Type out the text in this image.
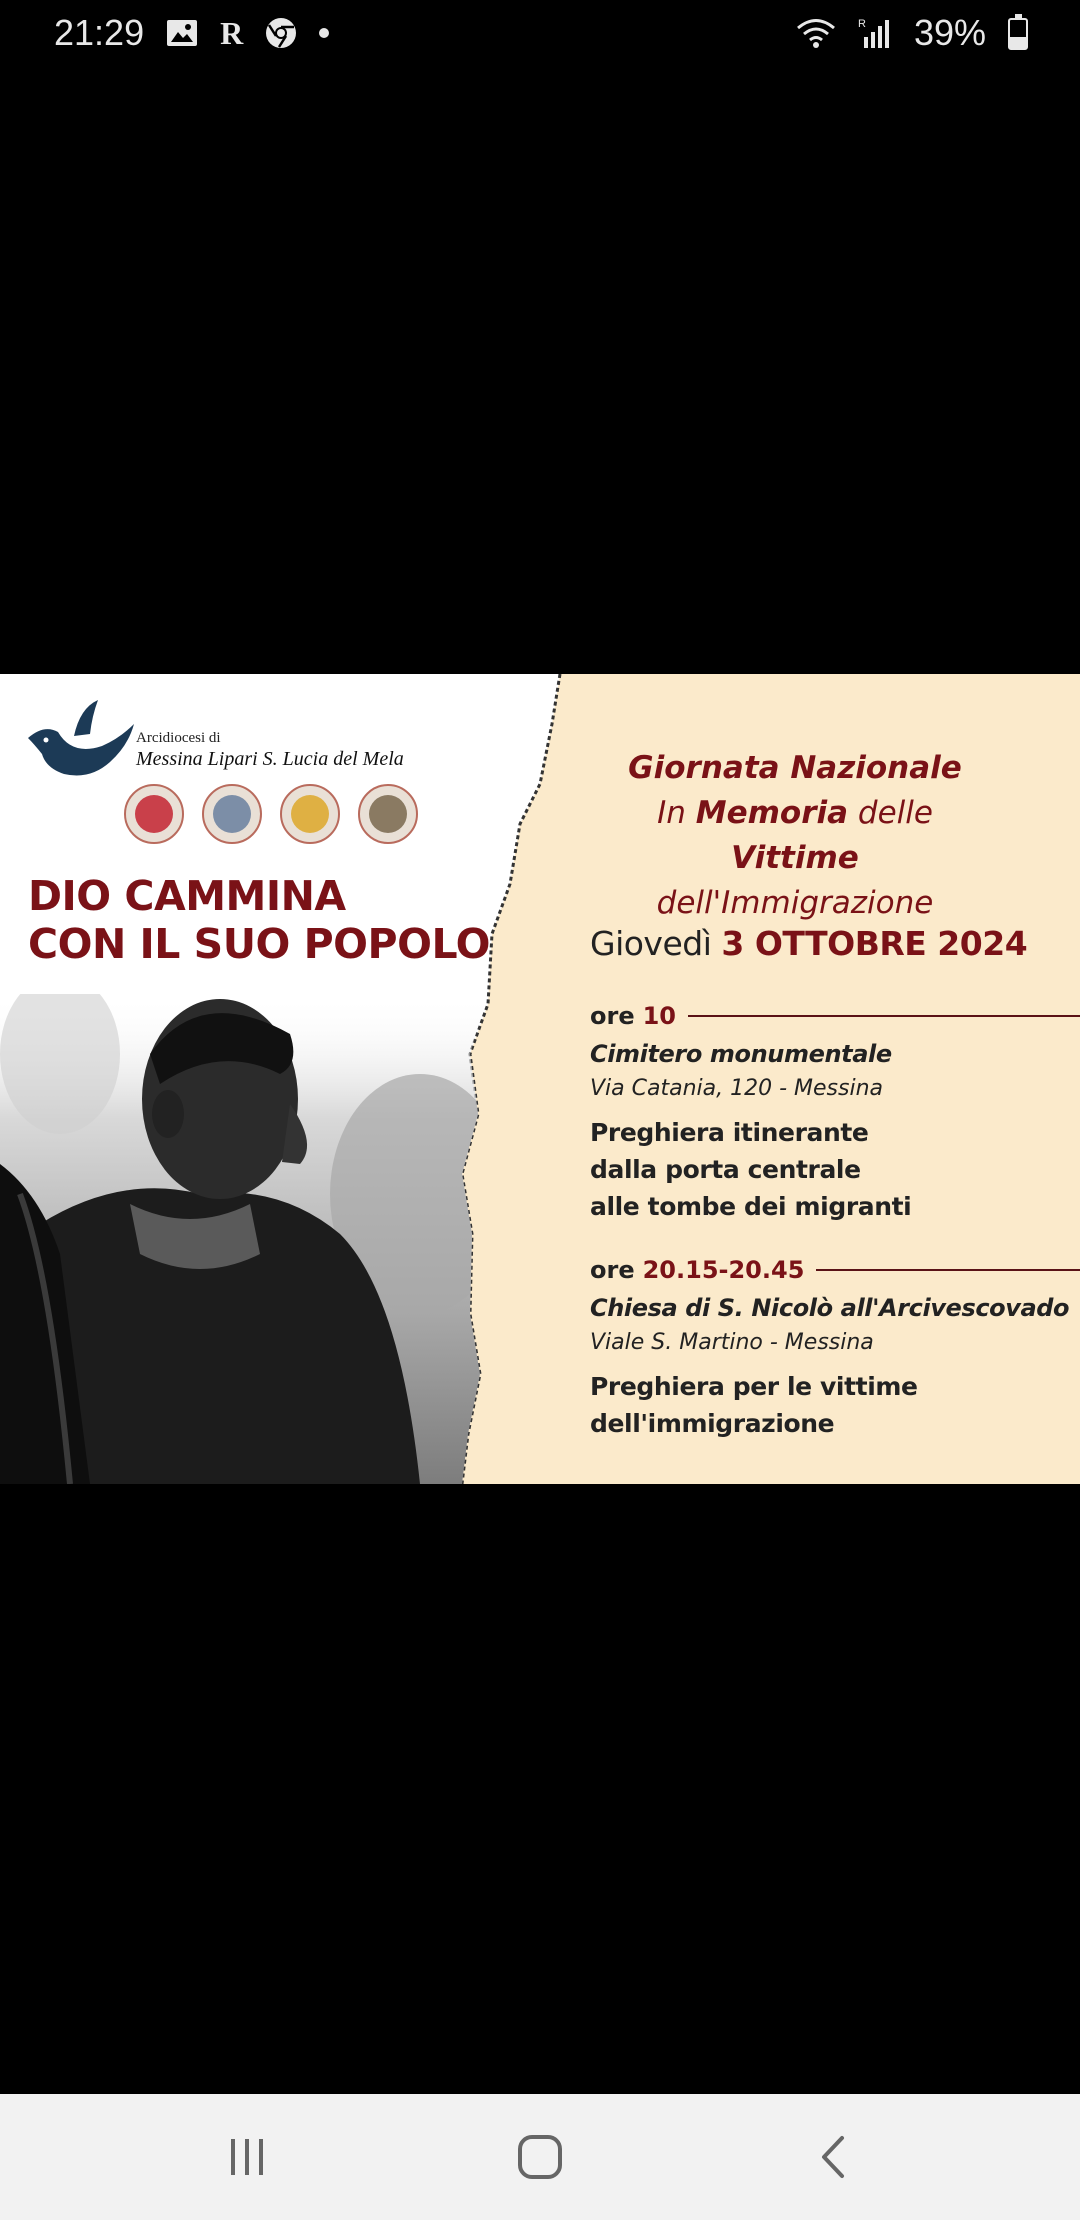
21:29 R	R 39%
Arcidiocesi di
Messina Lipari S. Lucia del Mela
DIO CAMMINA
CON IL SUO POPOLO
Giornata Nazionale
In Memoria delle
Vittime dell'Immigrazione
Giovedì 3 OTTOBRE 2024
ore 10
Cimitero monumentale
Via Catania, 120 - Messina
Preghiera itinerante
dalla porta centrale
alle tombe dei migranti
ore 20.15-20.45
Chiesa di S. Nicolò all'Arcivescovado
Viale S. Martino - Messina
Preghiera per le vittime
dell'immigrazione
